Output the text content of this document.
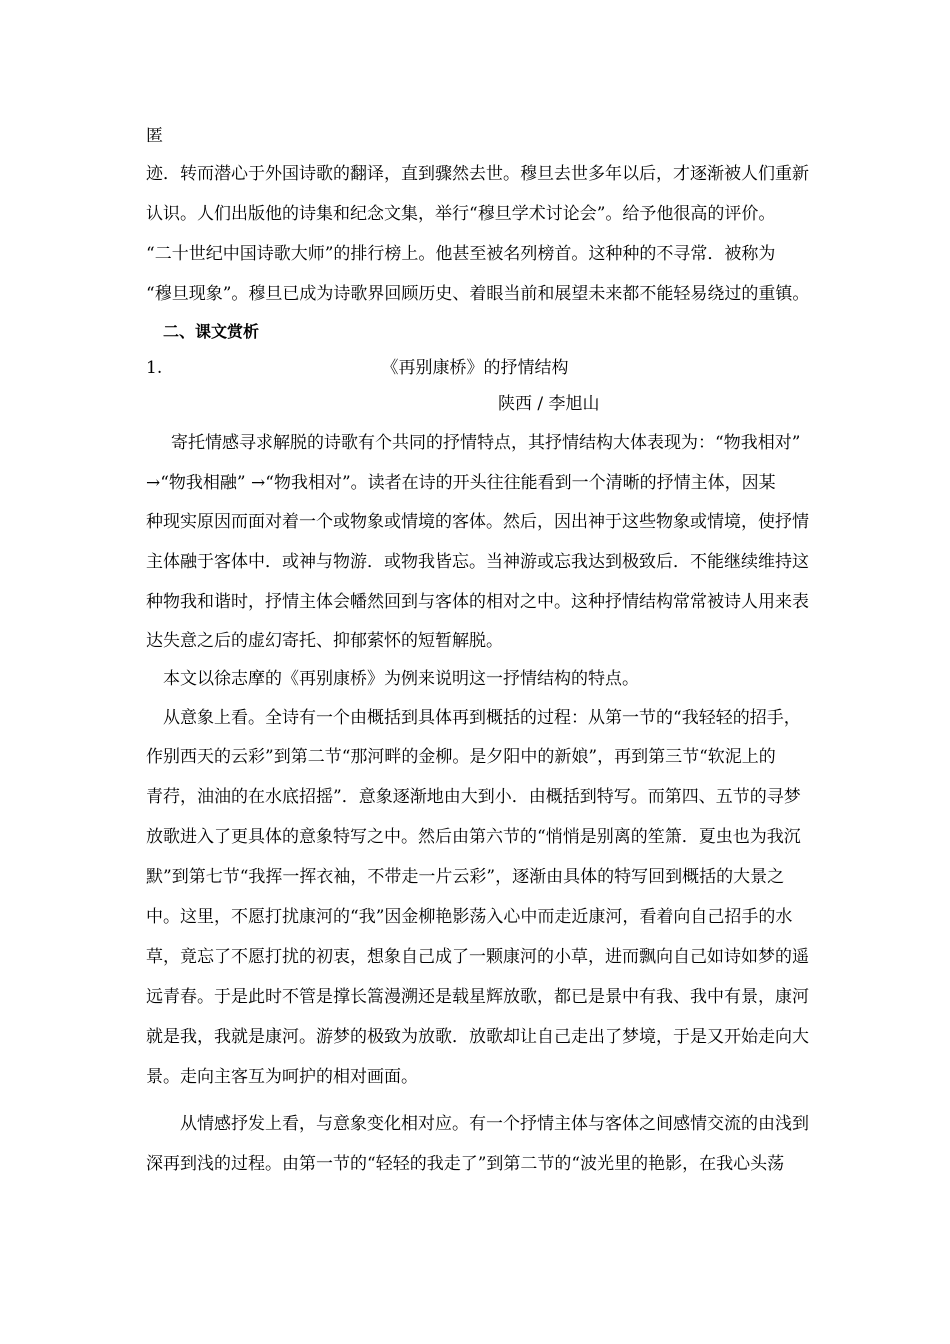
匿
迹．转而潜心于外国诗歌的翻译，直到骤然去世。穆旦去世多年以后，才逐渐被人们重新
认识。人们出版他的诗集和纪念文集，举行“穆旦学术讨论会”。给予他很高的评价。
“二十世纪中国诗歌大师”的排行榜上。他甚至被名列榜首。这种种的不寻常．被称为
“穆旦现象”。穆旦已成为诗歌界回顾历史、着眼当前和展望未来都不能轻易绕过的重镇。
二、课文赏析
1.	《再别康桥》的抒情结构
陕西 / 李旭山
寄托情感寻求解脱的诗歌有个共同的抒情特点，其抒情结构大体表现为：“物我相对”
→“物我相融” →“物我相对”。读者在诗的开头往往能看到一个清晰的抒情主体，因某
种现实原因而面对着一个或物象或情境的客体。然后，因出神于这些物象或情境，使抒情
主体融于客体中．或神与物游．或物我皆忘。当神游或忘我达到极致后．不能继续维持这
种物我和谐时，抒情主体会幡然回到与客体的相对之中。这种抒情结构常常被诗人用来表
达失意之后的虚幻寄托、抑郁萦怀的短暂解脱。
本文以徐志摩的《再别康桥》为例来说明这一抒情结构的特点。
从意象上看。全诗有一个由概括到具体再到概括的过程：从第一节的“我轻轻的招手，
作别西天的云彩”到第二节“那河畔的金柳。是夕阳中的新娘”，再到第三节“软泥上的
青荇，油油的在水底招摇”．意象逐渐地由大到小．由概括到特写。而第四、五节的寻梦
放歌进入了更具体的意象特写之中。然后由第六节的“悄悄是别离的笙箫．夏虫也为我沉
默”到第七节“我挥一挥衣袖，不带走一片云彩”，逐渐由具体的特写回到概括的大景之
中。这里，不愿打扰康河的“我”因金柳艳影荡入心中而走近康河，看着向自己招手的水
草，竟忘了不愿打扰的初衷，想象自己成了一颗康河的小草，进而飘向自己如诗如梦的遥
远青春。于是此时不管是撑长篙漫溯还是载星辉放歌，都已是景中有我、我中有景，康河
就是我，我就是康河。游梦的极致为放歌．放歌却让自己走出了梦境，于是又开始走向大
景。走向主客互为呵护的相对画面。
从情感抒发上看，与意象变化相对应。有一个抒情主体与客体之间感情交流的由浅到
深再到浅的过程。由第一节的“轻轻的我走了”到第二节的“波光里的艳影，在我心头荡
